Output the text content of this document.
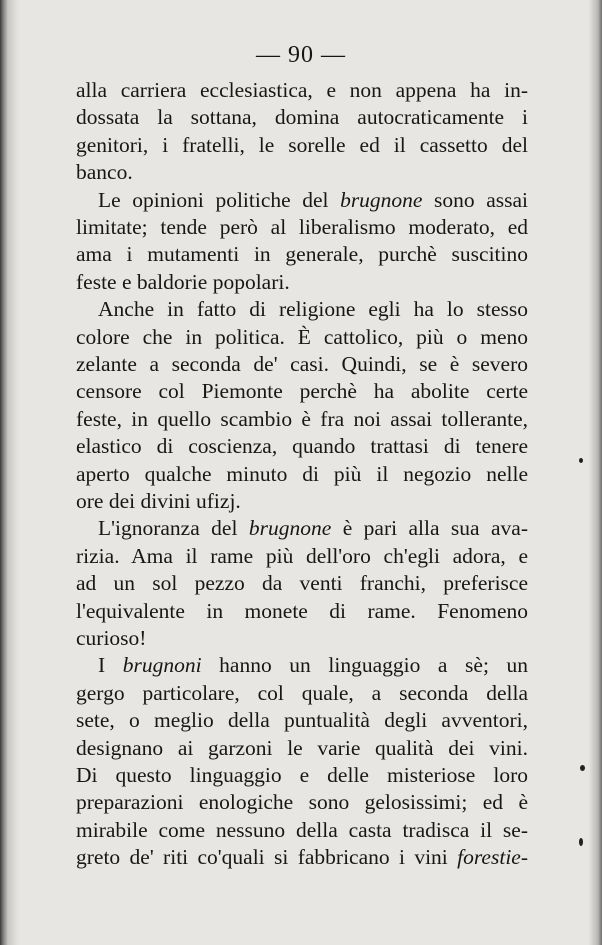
— 90 —
alla carriera ecclesiastica, e non appena ha in-
dossata la sottana, domina autocraticamente i
genitori, i fratelli, le sorelle ed il cassetto del
banco.
Le opinioni politiche del brugnone sono assai
limitate; tende però al liberalismo moderato, ed
ama i mutamenti in generale, purchè suscitino
feste e baldorie popolari.
Anche in fatto di religione egli ha lo stesso
colore che in politica. È cattolico, più o meno
zelante a seconda de' casi. Quindi, se è severo
censore col Piemonte perchè ha abolite certe
feste, in quello scambio è fra noi assai tollerante,
elastico di coscienza, quando trattasi di tenere
aperto qualche minuto di più il negozio nelle
ore dei divini ufizj.
L'ignoranza del brugnone è pari alla sua ava-
rizia. Ama il rame più dell'oro ch'egli adora, e
ad un sol pezzo da venti franchi, preferisce
l'equivalente in monete di rame. Fenomeno
curioso!
I brugnoni hanno un linguaggio a sè; un
gergo particolare, col quale, a seconda della
sete, o meglio della puntualità degli avventori,
designano ai garzoni le varie qualità dei vini.
Di questo linguaggio e delle misteriose loro
preparazioni enologiche sono gelosissimi; ed è
mirabile come nessuno della casta tradisca il se-
greto de' riti co'quali si fabbricano i vini forestie-
